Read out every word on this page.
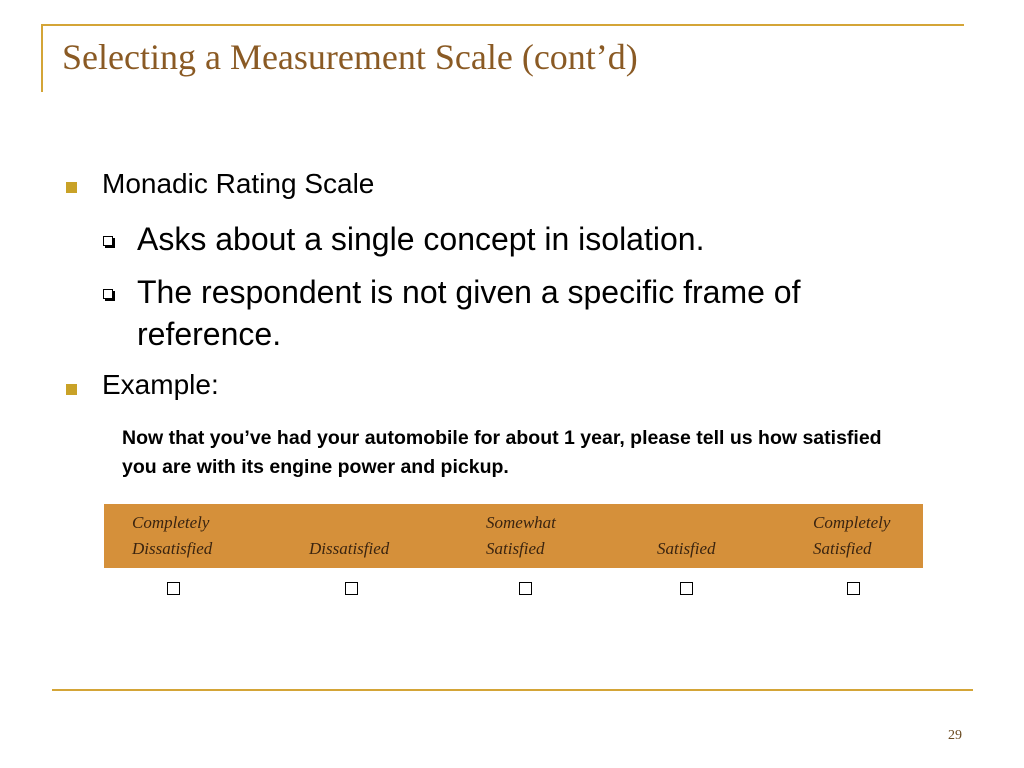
Selecting a Measurement Scale (cont’d)
Monadic Rating Scale
Asks about a single concept in isolation.
The respondent is not given a specific frame of reference.
Example:
Now that you’ve had your automobile for about 1 year, please tell us how satisfied you are with its engine power and pickup.
Completely
Dissatisfied	Dissatisfied
Somewhat
Satisfied	Satisfied
Completely
Satisfied
29
